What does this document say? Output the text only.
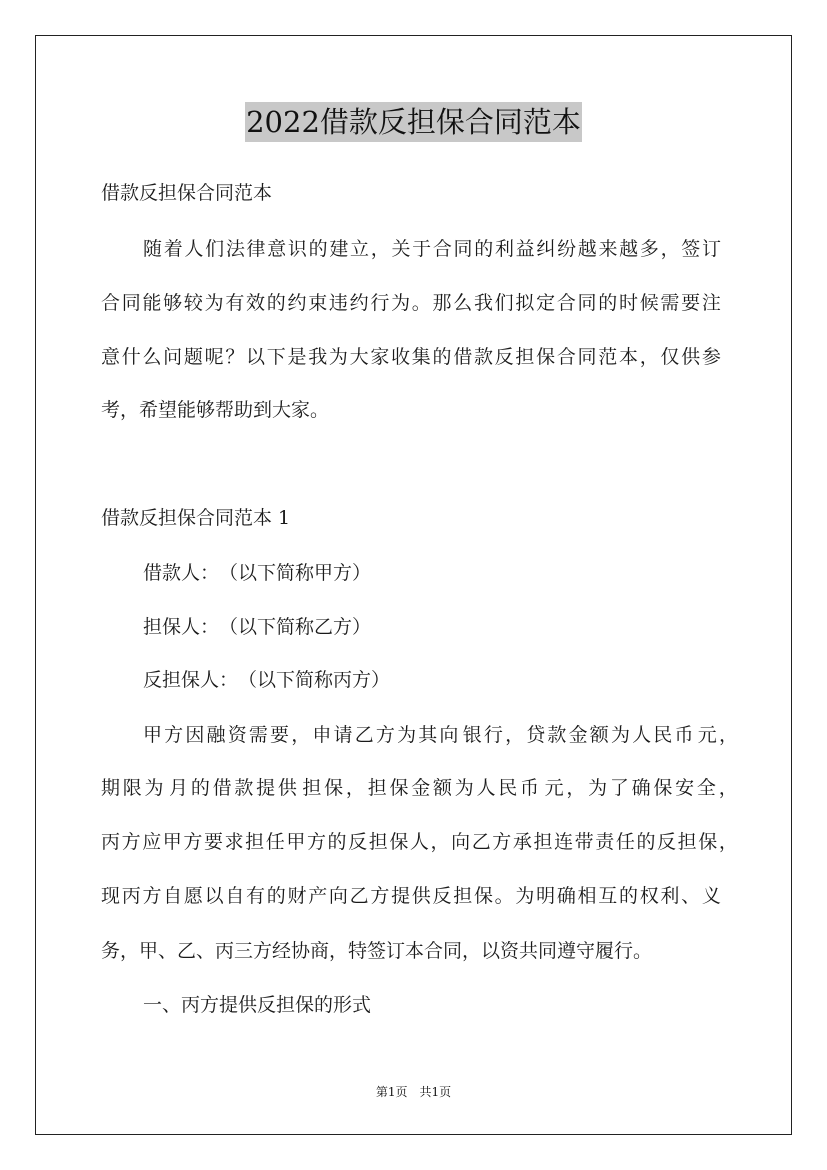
2022借款反担保合同范本
借款反担保合同范本
随 着 人 们 法 律 意 识 的 建 立 ， 关 于 合 同 的 利 益 纠 纷 越 来 越 多 ， 签 订
合 同 能 够 较 为 有 效 的 约 束 违 约 行 为 。 那 么 我 们 拟 定 合 同 的 时 候 需 要 注
意 什 么 问 题 呢 ？ 以 下 是 我 为 大 家 收 集 的 借 款 反 担 保 合 同 范 本 ， 仅 供 参
考，希望能够帮助到大家。
借款反担保合同范本 1
借款人：　（以下简称甲方）
担保人：　（以下简称乙方）
反担保人：　（以下简称丙方）
甲 方 因 融 资 需 要 ， 申 请 乙 方 为 其 向 银 行 ， 贷 款 金 额 为 人 民 币 元 ，
期 限 为 月 的 借 款 提 供 担 保 ， 担 保 金 额 为 人 民 币 元 ， 为 了 确 保 安 全 ，
丙 方 应 甲 方 要 求 担 任 甲 方 的 反 担 保 人 ， 向 乙 方 承 担 连 带 责 任 的 反 担 保 ，
现 丙 方 自 愿 以 自 有 的 财 产 向 乙 方 提 供 反 担 保 。 为 明 确 相 互 的 权 利 、 义
务，甲、乙、丙三方经协商，特签订本合同，以资共同遵守履行。
一、丙方提供反担保的形式
第1页　共1页
